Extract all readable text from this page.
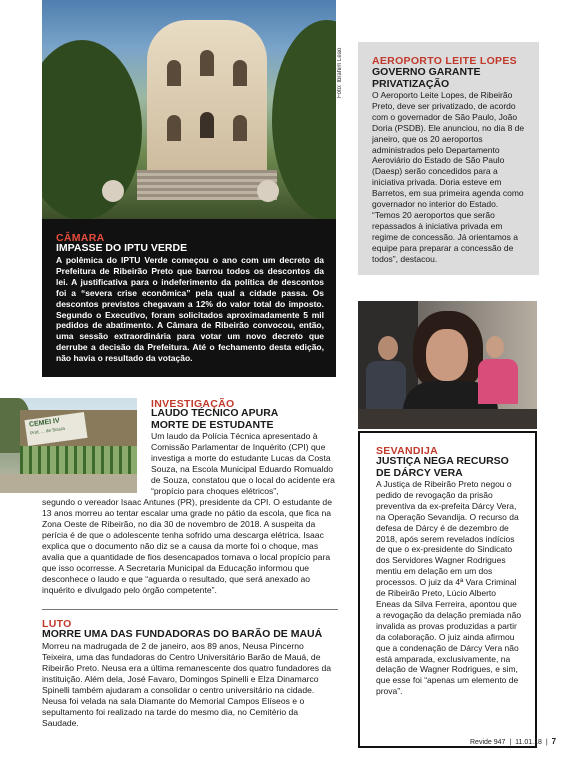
Foto: Ibrahim Leão
CÂMARA
IMPASSE DO IPTU VERDE
A polêmica do IPTU Verde começou o ano com um decreto da Prefeitura de Ribeirão Preto que barrou todos os descontos da lei. A justificativa para o indeferimento da política de descontos foi a “severa crise econômica” pela qual a cidade passa. Os descontos previstos chegavam a 12% do valor total do imposto. Segundo o Executivo, foram solicitados aproximadamente 5 mil pedidos de abatimento. A Câmara de Ribeirão convocou, então, uma sessão extraordinária para votar um novo decreto que derrube a decisão da Prefeitura. Até o fechamento desta edição, não havia o resultado da votação.
AEROPORTO LEITE LOPES
GOVERNO GARANTE PRIVATIZAÇÃO
O Aeroporto Leite Lopes, de Ribeirão Preto, deve ser privatizado, de acordo com o governador de São Paulo, João Doria (PSDB). Ele anunciou, no dia 8 de janeiro, que os 20 aeroportos administrados pelo Departamento Aeroviário do Estado de São Paulo (Daesp) serão concedidos para a iniciativa privada. Doria esteve em Barretos, em sua primeira agenda como governador no interior do Estado. “Temos 20 aeroportos que serão repassados à iniciativa privada em regime de concessão. Já orientamos a equipe para preparar a concessão de todos”, destacou.
SEVANDIJA
JUSTIÇA NEGA RECURSO DE DÁRCY VERA
A Justiça de Ribeirão Preto negou o pedido de revogação da prisão preventiva da ex-prefeita Dárcy Vera, na Operação Sevandija. O recurso da defesa de Dárcy é de dezembro de 2018, após serem revelados indícios de que o ex-presidente do Sindicato dos Servidores Wagner Rodrigues mentiu em delação em um dos processos. O juiz da 4ª Vara Criminal de Ribeirão Preto, Lúcio Alberto Eneas da Silva Ferreira, apontou que a revogação da delação premiada não invalida as provas produzidas a partir da colaboração. O juiz ainda afirmou que a condenação de Dárcy Vera não está amparada, exclusivamente, na delação de Wagner Rodrigues, e sim, que esse foi “apenas um elemento de prova”.
CEMEI IV
Prof. ... de Souza
INVESTIGAÇÃO
LAUDO TÉCNICO APURA MORTE DE ESTUDANTE
Um laudo da Polícia Técnica apresentado à Comissão Parlamentar de Inquérito (CPI) que investiga a morte do estudante Lucas da Costa Souza, na Escola Municipal Eduardo Romualdo de Souza, constatou que o local do acidente era “propício para choques elétricos”,
segundo o vereador Isaac Antunes (PR), presidente da CPI. O estudante de 13 anos morreu ao tentar escalar uma grade no pátio da escola, que fica na Zona Oeste de Ribeirão, no dia 30 de novembro de 2018. A suspeita da perícia é de que o adolescente tenha sofrido uma descarga elétrica. Isaac explica que o documento não diz se a causa da morte foi o choque, mas avalia que a quantidade de fios desencapados tornava o local propício para que isso ocorresse. A Secretaria Municipal da Educação informou que desconhece o laudo e que “aguarda o resultado, que será anexado ao inquérito e divulgado pelo órgão competente”.
LUTO
MORRE UMA DAS FUNDADORAS DO BARÃO DE MAUÁ
Morreu na madrugada de 2 de janeiro, aos 89 anos, Neusa Pincerno Teixeira, uma das fundadoras do Centro Universitário Barão de Mauá, de Ribeirão Preto. Neusa era a última remanescente dos quatro fundadores da instituição. Além dela, José Favaro, Domingos Spinelli e Elza Dinamarco Spinelli também ajudaram a consolidar o centro universitário na cidade. Neusa foi velada na sala Diamante do Memorial Campos Elíseos e o sepultamento foi realizado na tarde do mesmo dia, no Cemitério da Saudade.
Revide 947 | 11.01.18 | 7
